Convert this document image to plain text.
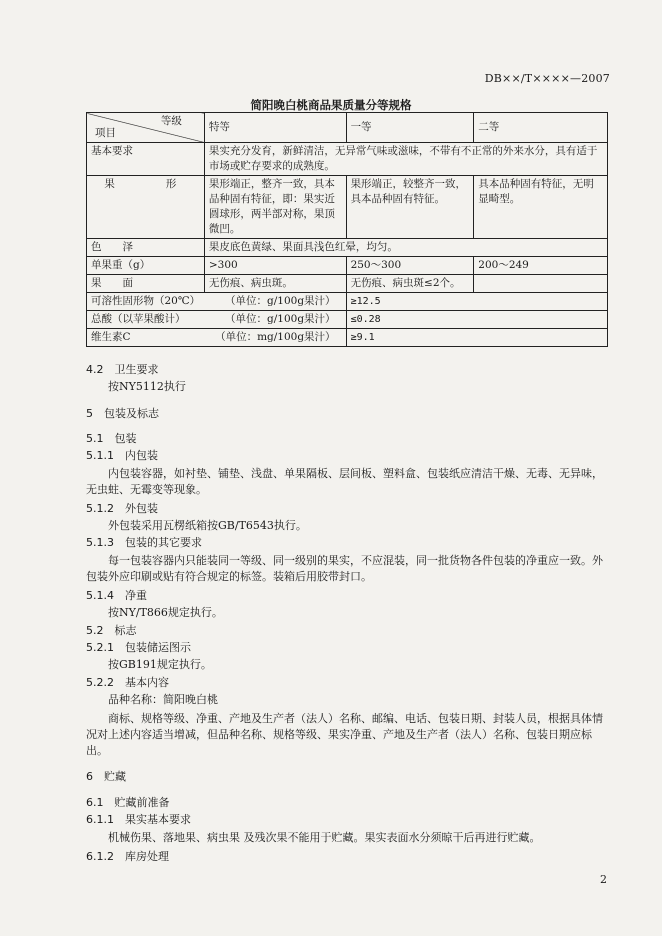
DB××/T××××—2007
简阳晚白桃商品果质量分等规格
等级
项目	特等	一等	二等
基本要求	果实充分发育，新鲜清洁，无异常气味或滋味，不带有不正常的外来水分，具有适于市场或贮存要求的成熟度。		
果　　形	果形端正，整齐一致，具本品种固有特征，即：果实近圆球形，两半部对称，果顶微凹。	果形端正，较整齐一致，具本品种固有特征。	具本品种固有特征，无明显畸型。
色　　泽	果皮底色黄绿、果面具浅色红晕，均匀。		
单果重（g）	>300	250～300	200～249
果　　面	无伤痕、病虫斑。	无伤痕、病虫斑≤2个。	
可溶性固形物（20℃） （单位：g/100g果汁）		≥12.5	
总酸（以苹果酸计） （单位：g/100g果汁）		≤0.28	
维生素C （单位：mg/100g果汁）		≥9.1	
4.2　 卫生要求
按NY5112执行
5　 包装及标志
5.1　 包装
5.1.1　 内包装
内包装容器，如衬垫、铺垫、浅盘、单果隔板、层间板、塑料盒、包装纸应清洁干燥、无毒、无异味，无虫蛀、无霉变等现象。
5.1.2　 外包装
外包装采用瓦楞纸箱按GB/T6543执行。
5.1.3　 包装的其它要求
每一包装容器内只能装同一等级、同一级别的果实，不应混装，同一批货物各件包装的净重应一致。外包装外应印刷或贴有符合规定的标签。装箱后用胶带封口。
5.1.4　 净重
按NY/T866规定执行。
5.2　 标志
5.2.1　 包装储运图示
按GB191规定执行。
5.2.2　 基本内容
品种名称：简阳晚白桃
商标、规格等级、净重、产地及生产者（法人）名称、邮编、电话、包装日期、封装人员，根据具体情况对上述内容适当增减，但品种名称、规格等级、果实净重、产地及生产者（法人）名称、包装日期应标出。
6　 贮藏
6.1　 贮藏前准备
6.1.1　 果实基本要求
机械伤果、落地果、病虫果 及残次果不能用于贮藏。果实表面水分须晾干后再进行贮藏。
6.1.2　 库房处理
2
